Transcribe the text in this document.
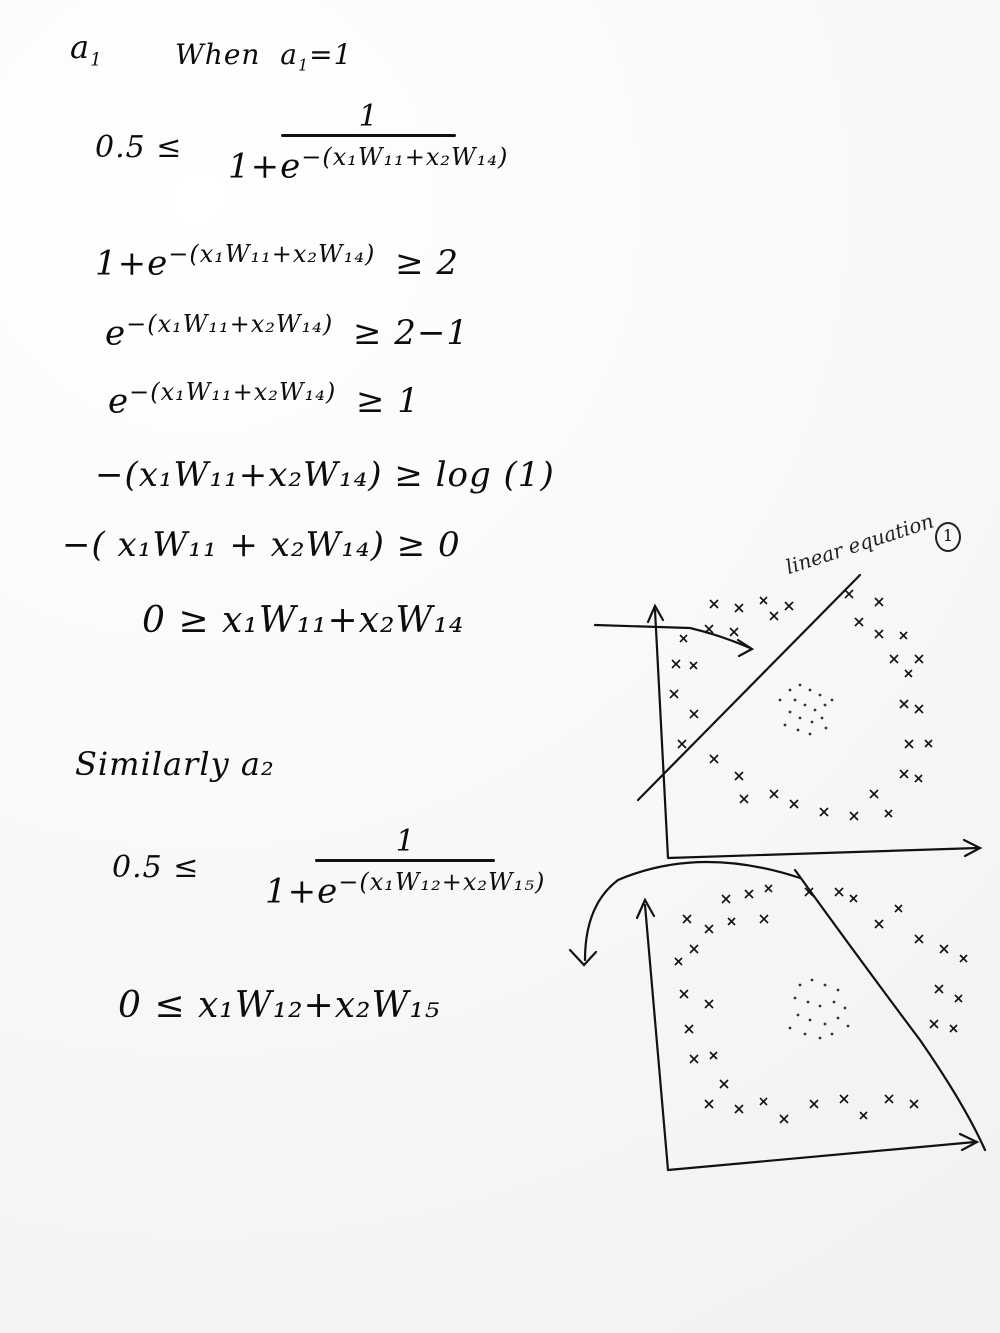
$a_1$	When $a_1=1$
0.5 ≤
1
$1+e^{-(x_1W_{11}+x_2W_{14})}$
$1+e^{-(x_1W_{11}+x_2W_{14})} \ge 2$
$e^{-(x_1W_{11}+x_2W_{14})} \ge 2-1$
$e^{-(x_1W_{11}+x_2W_{14})} \ge 1$
−(x₁W₁₁+x₂W₁₄) ≥ log (1)
−( x₁W₁₁ + x₂W₁₄) ≥ 0
0 ≥ x₁W₁₁+x₂W₁₄
Similarly a₂
0.5 ≤
1
$1+e^{-(x_1W_{12}+x_2W_{15})}$
0 ≤ x₁W₁₂+x₂W₁₅
linear equation 1
